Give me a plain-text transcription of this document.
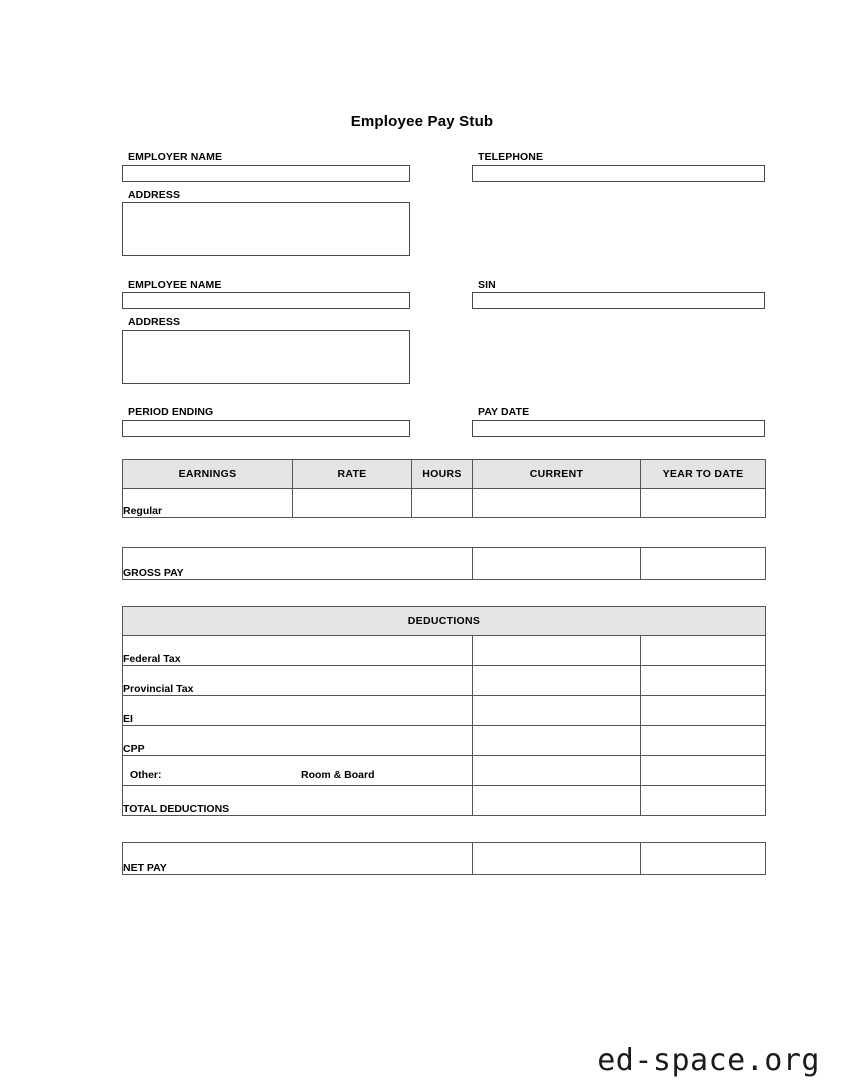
Employee Pay Stub
EMPLOYER NAME	TELEPHONE
ADDRESS
EMPLOYEE NAME	SIN
ADDRESS
PERIOD ENDING	PAY DATE
EARNINGS	RATE	HOURS	CURRENT	YEAR TO DATE
Regular				
GROSS PAY		
DEDUCTIONS		
Federal Tax		
Provincial Tax		
EI		
CPP		

Other: Room & Board

TOTAL DEDUCTIONS		
NET PAY		
ed-space.org
